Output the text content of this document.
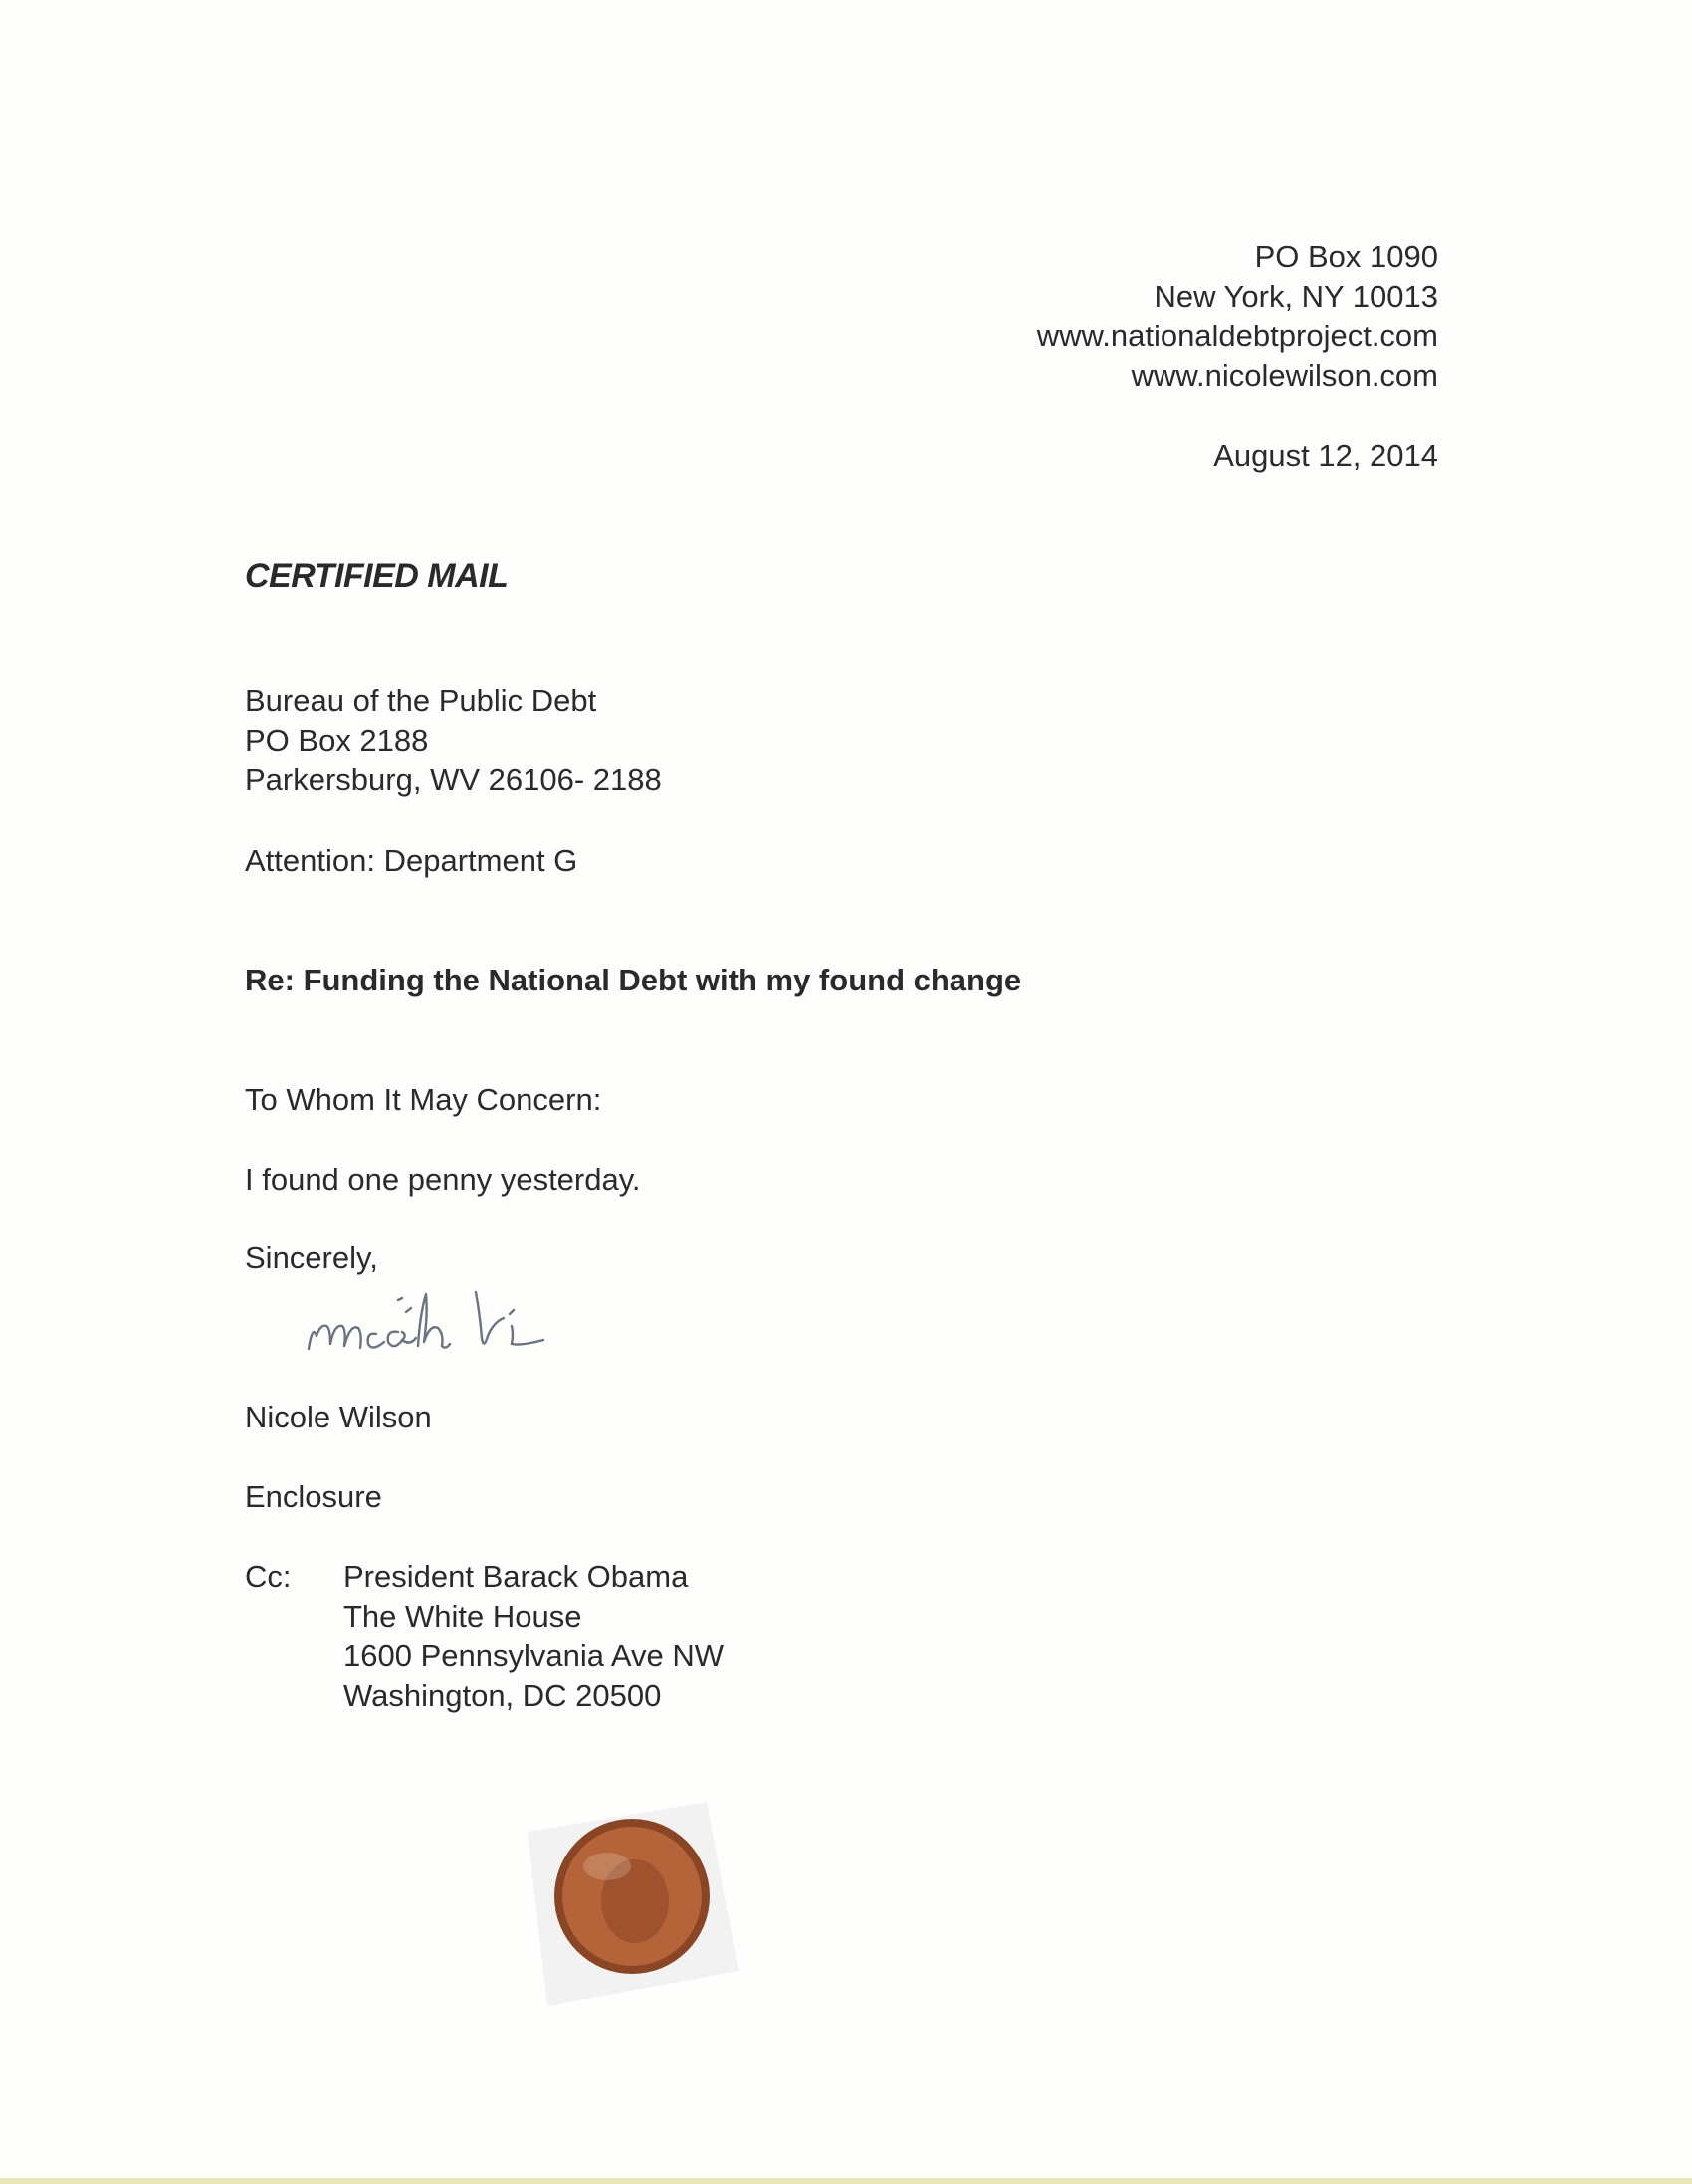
PO Box 1090
New York, NY 10013
www.nationaldebtproject.com
www.nicolewilson.com
August 12, 2014
CERTIFIED MAIL
Bureau of the Public Debt
PO Box 2188
Parkersburg, WV 26106- 2188
Attention: Department G
Re: Funding the National Debt with my found change
To Whom It May Concern:
I found one penny yesterday.
Sincerely,
Nicole Wilson
Enclosure
Cc: President Barack Obama
The White House
1600 Pennsylvania Ave NW
Washington, DC 20500
